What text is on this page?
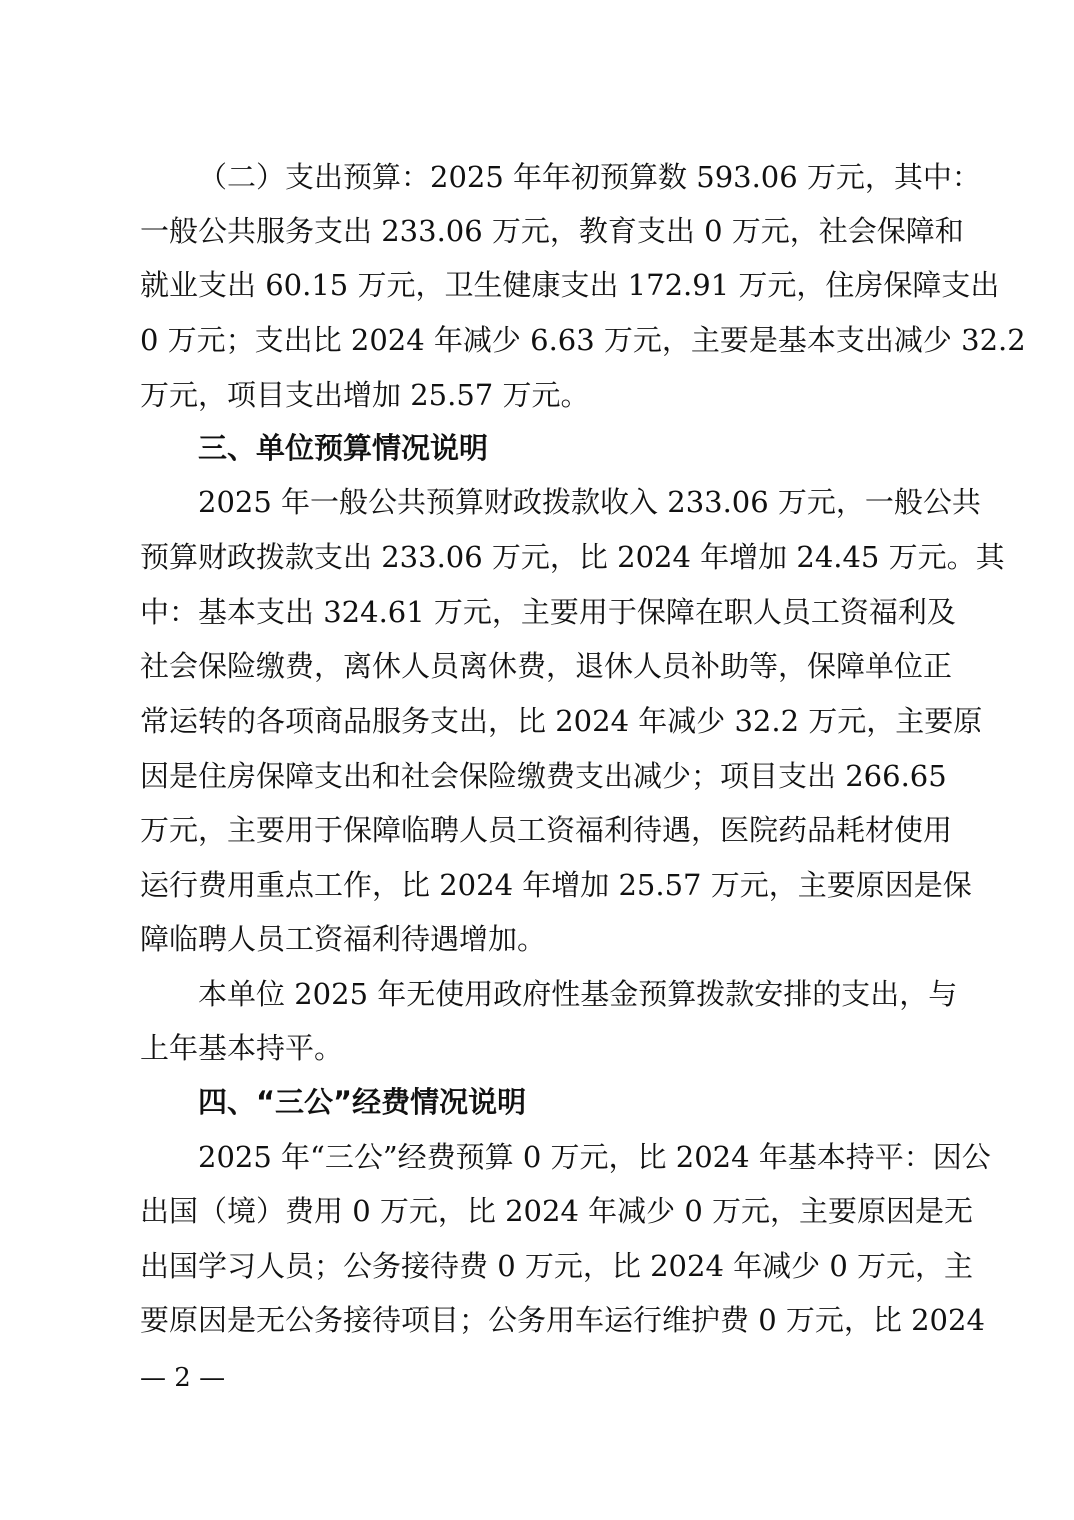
（二）支出预算：2025 年年初预算数 593.06 万元，其中：
一般公共服务支出 233.06 万元，教育支出 0 万元，社会保障和
就业支出 60.15 万元，卫生健康支出 172.91 万元，住房保障支出
0 万元；支出比 2024 年减少 6.63 万元，主要是基本支出减少 32.2
万元，项目支出增加 25.57 万元。
三、单位预算情况说明
2025 年一般公共预算财政拨款收入 233.06 万元，一般公共
预算财政拨款支出 233.06 万元，比 2024 年增加 24.45 万元。其
中：基本支出 324.61 万元，主要用于保障在职人员工资福利及
社会保险缴费，离休人员离休费，退休人员补助等，保障单位正
常运转的各项商品服务支出，比 2024 年减少 32.2 万元，主要原
因是住房保障支出和社会保险缴费支出减少；项目支出 266.65
万元，主要用于保障临聘人员工资福利待遇，医院药品耗材使用
运行费用重点工作，比 2024 年增加 25.57 万元，主要原因是保
障临聘人员工资福利待遇增加。
本单位 2025 年无使用政府性基金预算拨款安排的支出，与
上年基本持平。
四、“三公”经费情况说明
2025 年“三公”经费预算 0 万元，比 2024 年基本持平：因公
出国（境）费用 0 万元，比 2024 年减少 0 万元，主要原因是无
出国学习人员；公务接待费 0 万元，比 2024 年减少 0 万元，主
要原因是无公务接待项目；公务用车运行维护费 0 万元，比 2024
— 2 —
